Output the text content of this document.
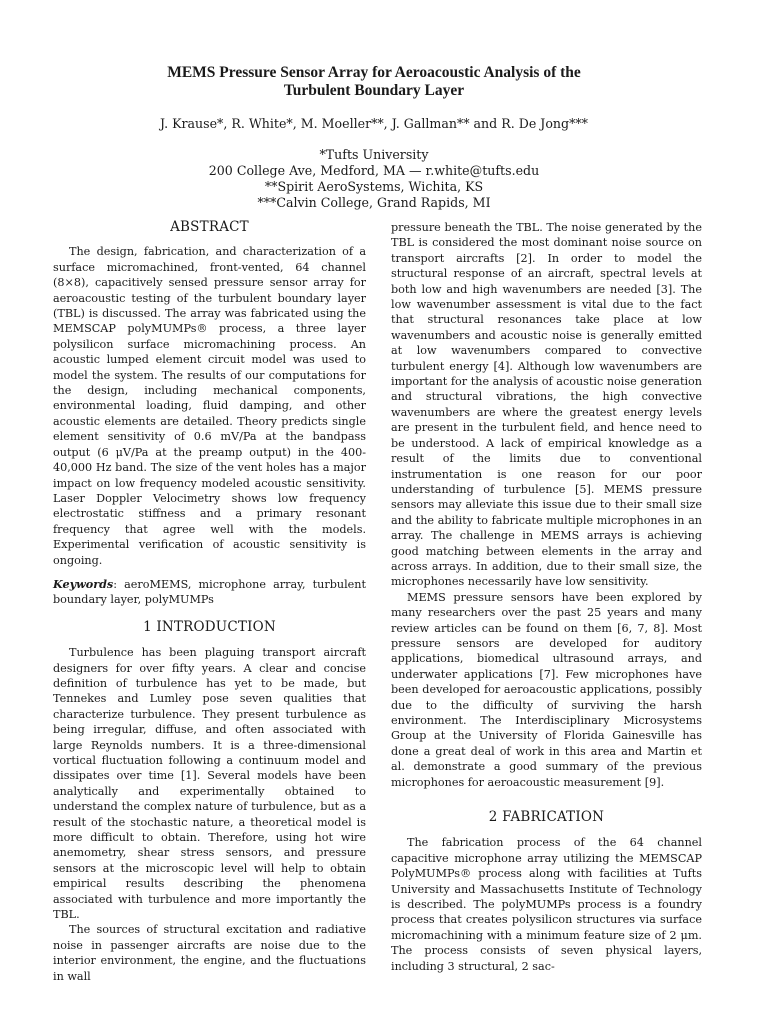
MEMS Pressure Sensor Array for Aeroacoustic Analysis of the
Turbulent Boundary Layer
J. Krause*, R. White*, M. Moeller**, J. Gallman** and R. De Jong***
*Tufts University
200 College Ave, Medford, MA — r.white@tufts.edu
**Spirit AeroSystems, Wichita, KS
***Calvin College, Grand Rapids, MI
ABSTRACT

The design, fabrication, and characterization of a surface micromachined, front-vented, 64 channel (8×8), capacitively sensed pressure sensor array for aeroacoustic testing of the turbulent boundary layer (TBL) is discussed. The array was fabricated using the MEMSCAP polyMUMPs® process, a three layer polysilicon surface micromachining process. An acoustic lumped element circuit model was used to model the system. The results of our computations for the design, including mechanical components, environmental loading, fluid damping, and other acoustic elements are detailed. Theory predicts single element sensitivity of 0.6 mV/Pa at the bandpass output (6 μV/Pa at the preamp output) in the 400-40,000 Hz band. The size of the vent holes has a major impact on low frequency modeled acoustic sensitivity. Laser Doppler Velocimetry shows low frequency electrostatic stiffness and a primary resonant frequency that agree well with the models. Experimental verification of acoustic sensitivity is ongoing.

Keywords: aeroMEMS, microphone array, turbulent boundary layer, polyMUMPs

1 INTRODUCTION

Turbulence has been plaguing transport aircraft designers for over fifty years. A clear and concise definition of turbulence has yet to be made, but Tennekes and Lumley pose seven qualities that characterize turbulence. They present turbulence as being irregular, diffuse, and often associated with large Reynolds numbers. It is a three-dimensional vortical fluctuation following a continuum model and dissipates over time [1]. Several models have been analytically and experimentally obtained to understand the complex nature of turbulence, but as a result of the stochastic nature, a theoretical model is more difficult to obtain. Therefore, using hot wire anemometry, shear stress sensors, and pressure sensors at the microscopic level will help to obtain empirical results describing the phenomena associated with turbulence and more importantly the TBL.

The sources of structural excitation and radiative noise in passenger aircrafts are noise due to the interior environment, the engine, and the fluctuations in wall

pressure beneath the TBL. The noise generated by the TBL is considered the most dominant noise source on transport aircrafts [2]. In order to model the structural response of an aircraft, spectral levels at both low and high wavenumbers are needed [3]. The low wavenumber assessment is vital due to the fact that structural resonances take place at low wavenumbers and acoustic noise is generally emitted at low wavenumbers compared to convective turbulent energy [4]. Although low wavenumbers are important for the analysis of acoustic noise generation and structural vibrations, the high convective wavenumbers are where the greatest energy levels are present in the turbulent field, and hence need to be understood. A lack of empirical knowledge as a result of the limits due to conventional instrumentation is one reason for our poor understanding of turbulence [5]. MEMS pressure sensors may alleviate this issue due to their small size and the ability to fabricate multiple microphones in an array. The challenge in MEMS arrays is achieving good matching between elements in the array and across arrays. In addition, due to their small size, the microphones necessarily have low sensitivity.

MEMS pressure sensors have been explored by many researchers over the past 25 years and many review articles can be found on them [6, 7, 8]. Most pressure sensors are developed for auditory applications, biomedical ultrasound arrays, and underwater applications [7]. Few microphones have been developed for aeroacoustic applications, possibly due to the difficulty of surviving the harsh environment. The Interdisciplinary Microsystems Group at the University of Florida Gainesville has done a great deal of work in this area and Martin et al. demonstrate a good summary of the previous microphones for aeroacoustic measurement [9].

2 FABRICATION

The fabrication process of the 64 channel capacitive microphone array utilizing the MEMSCAP PolyMUMPs® process along with facilities at Tufts University and Massachusetts Institute of Technology is described. The polyMUMPs process is a foundry process that creates polysilicon structures via surface micromachining with a minimum feature size of 2 μm. The process consists of seven physical layers, including 3 structural, 2 sac-
